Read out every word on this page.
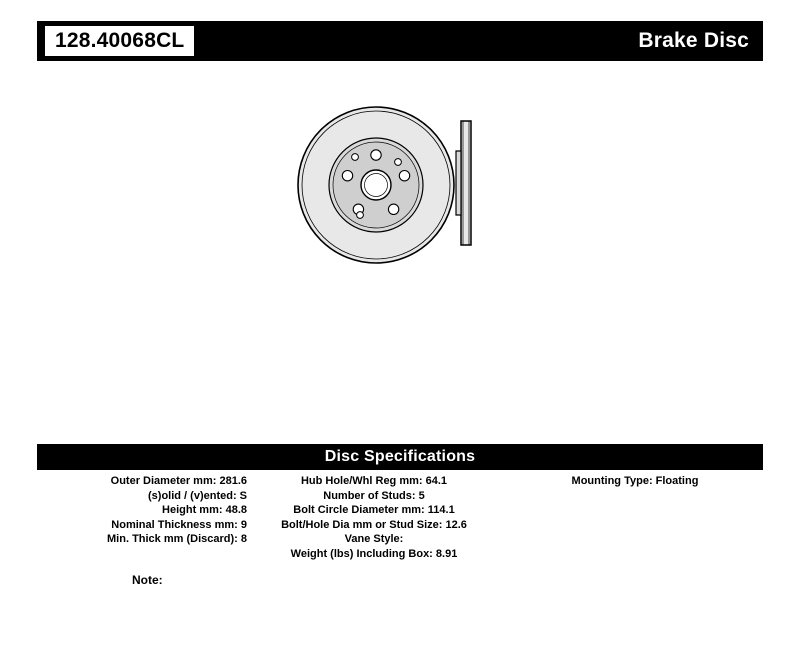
128.40068CL	Brake Disc
Disc Specifications
Outer Diameter mm: 281.6
(s)olid / (v)ented: S
Height mm: 48.8
Nominal Thickness mm: 9
Min. Thick mm (Discard): 8
Hub Hole/Whl Reg mm: 64.1
Number of Studs: 5
Bolt Circle Diameter mm: 114.1
Bolt/Hole Dia mm or Stud Size: 12.6
Vane Style:
Weight (lbs) Including Box: 8.91
Mounting Type: Floating
Note:
